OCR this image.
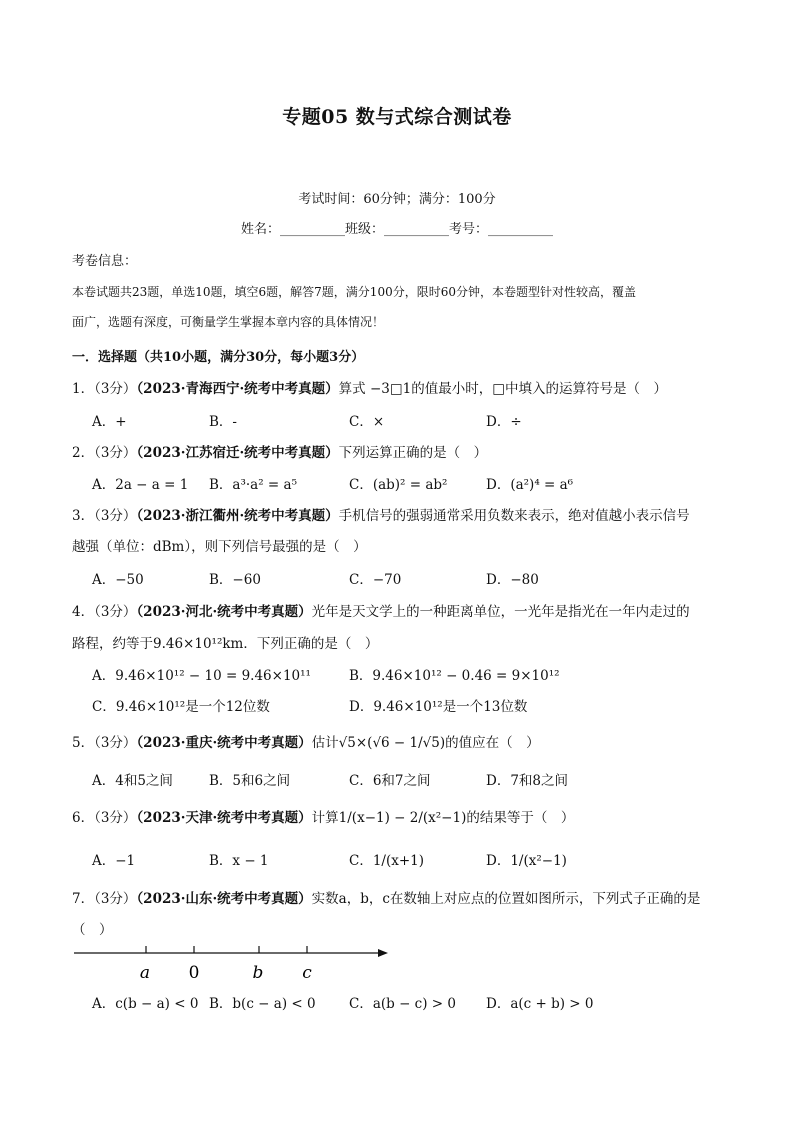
专题05 数与式综合测试卷
考试时间：60分钟；满分：100分
姓名：__________班级：__________考号：__________
考卷信息：
本卷试题共23题，单选10题，填空6题，解答7题，满分100分，限时60分钟，本卷题型针对性较高，覆盖
面广，选题有深度，可衡量学生掌握本章内容的具体情况！
一．选择题（共10小题，满分30分，每小题3分）
1．（3分）（2023·青海西宁·统考中考真题）算式 −3□1的值最小时，□中填入的运算符号是（　）
A．+	B．-	C．×	D．÷
2．（3分）（2023·江苏宿迁·统考中考真题）下列运算正确的是（　）
A．2a − a = 1 B．a³·a² = a⁵	C．(ab)² = ab²	D．(a²)⁴ = a⁶
3．（3分）（2023·浙江衢州·统考中考真题）手机信号的强弱通常采用负数来表示，绝对值越小表示信号
越强（单位：dBm），则下列信号最强的是（　）
A．−50	B．−60	C．−70	D．−80
4．（3分）（2023·河北·统考中考真题）光年是天文学上的一种距离单位，一光年是指光在一年内走过的
路程，约等于9.46×10¹²km．下列正确的是（　）
A．9.46×10¹² − 10 = 9.46×10¹¹	B．9.46×10¹² − 0.46 = 9×10¹²
C．9.46×10¹²是一个12位数	D．9.46×10¹²是一个13位数
5．（3分）（2023·重庆·统考中考真题）估计√5×(√6 − 1/√5)的值应在（　）
A．4和5之间	B．5和6之间	C．6和7之间	D．7和8之间
6．（3分）（2023·天津·统考中考真题）计算1/(x−1) − 2/(x²−1)的结果等于（　）
A．−1	B．x − 1	C．1/(x+1)	D．1/(x²−1)
7．（3分）（2023·山东·统考中考真题）实数a，b，c在数轴上对应点的位置如图所示，下列式子正确的是
（　）
a 0	b c
A．c(b − a) < 0 B．b(c − a) < 0 C．a(b − c) > 0 D．a(c + b) > 0
